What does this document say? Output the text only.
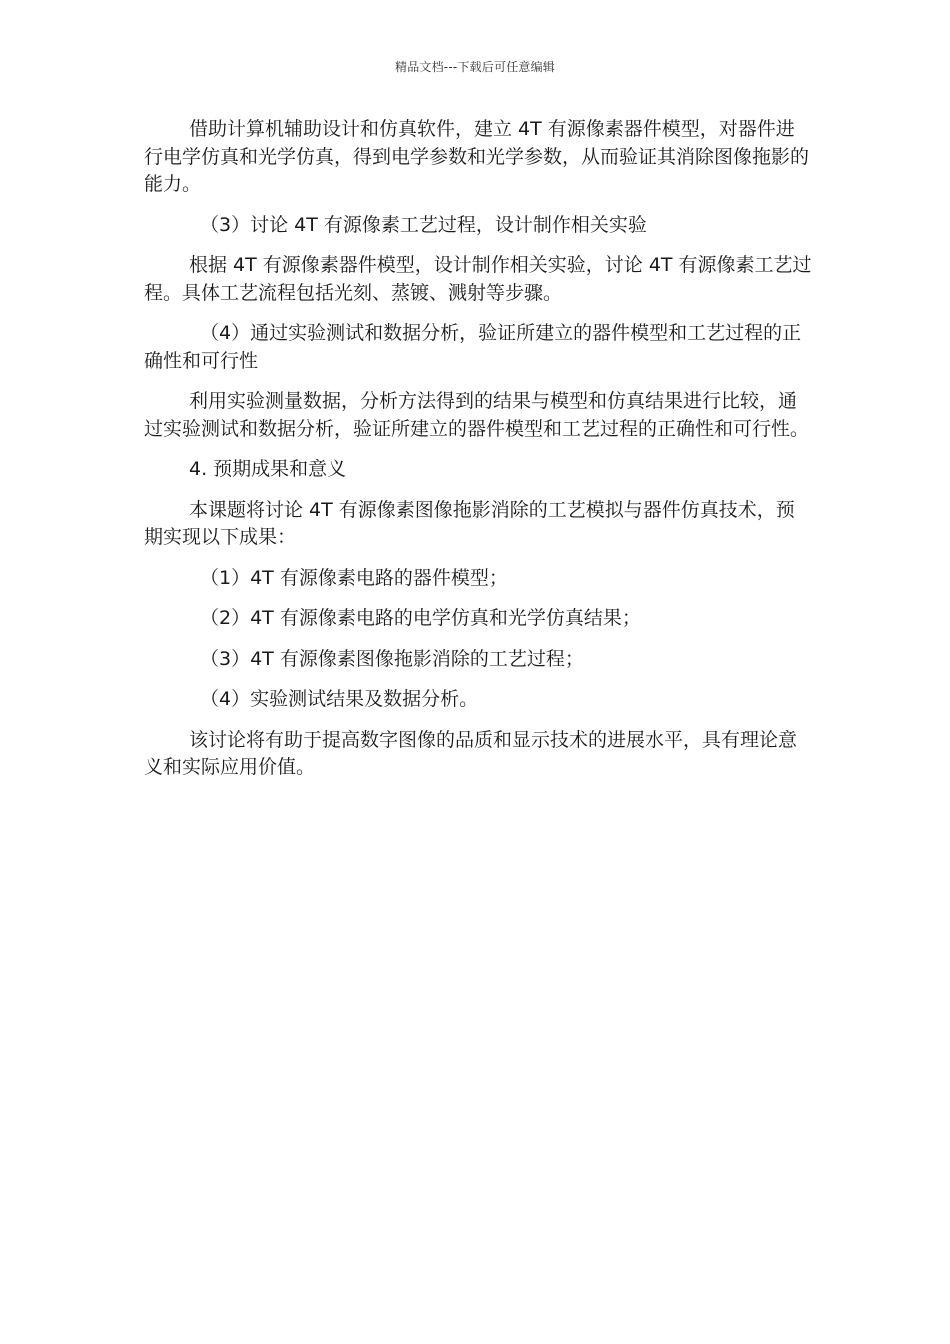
精品文档---下载后可任意编辑

借助计算机辅助设计和仿真软件，建立 4T 有源像素器件模型，对器件进行电学仿真和光学仿真，得到电学参数和光学参数，从而验证其消除图像拖影的能力。

（3）讨论 4T 有源像素工艺过程，设计制作相关实验

根据 4T 有源像素器件模型，设计制作相关实验，讨论 4T 有源像素工艺过程。具体工艺流程包括光刻、蒸镀、溅射等步骤。

（4）通过实验测试和数据分析，验证所建立的器件模型和工艺过程的正确性和可行性

利用实验测量数据，分析方法得到的结果与模型和仿真结果进行比较，通过实验测试和数据分析，验证所建立的器件模型和工艺过程的正确性和可行性。

4. 预期成果和意义

本课题将讨论 4T 有源像素图像拖影消除的工艺模拟与器件仿真技术，预期实现以下成果：

（1）4T 有源像素电路的器件模型；

（2）4T 有源像素电路的电学仿真和光学仿真结果；

（3）4T 有源像素图像拖影消除的工艺过程；

（4）实验测试结果及数据分析。

该讨论将有助于提高数字图像的品质和显示技术的进展水平，具有理论意义和实际应用价值。
